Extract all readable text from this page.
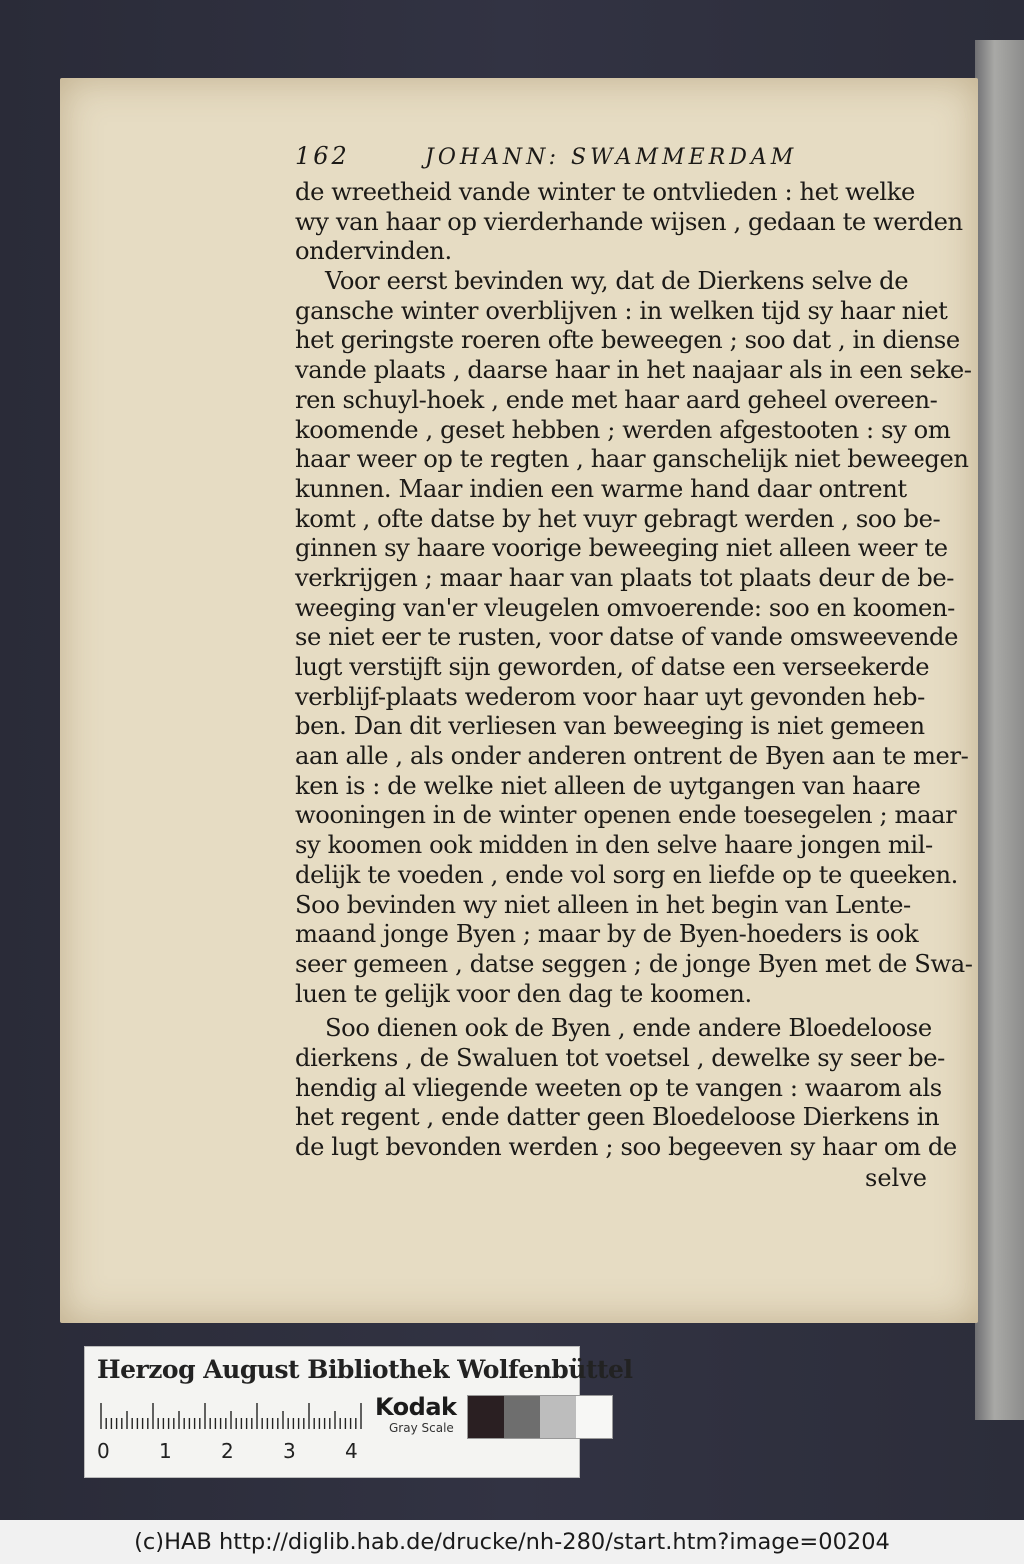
162	JOHANN: SWAMMERDAM
de wreetheid vande winter te ontvlieden : het welke
wy van haar op vierderhande wijsen , gedaan te werden
ondervinden.
Voor eerst bevinden wy, dat de Dierkens selve de
gansche winter overblijven : in welken tijd sy haar niet
het geringste roeren ofte beweegen ; soo dat , in diense
vande plaats , daarse haar in het naajaar als in een seke-
ren schuyl-hoek , ende met haar aard geheel overeen-
koomende , geset hebben ; werden afgestooten : sy om
haar weer op te regten , haar ganschelijk niet beweegen
kunnen. Maar indien een warme hand daar ontrent
komt , ofte datse by het vuyr gebragt werden , soo be-
ginnen sy haare voorige beweeging niet alleen weer te
verkrijgen ; maar haar van plaats tot plaats deur de be-
weeging van'er vleugelen omvoerende: soo en koomen-
se niet eer te rusten, voor datse of vande omsweevende
lugt verstijft sijn geworden, of datse een verseekerde
verblijf-plaats wederom voor haar uyt gevonden heb-
ben. Dan dit verliesen van beweeging is niet gemeen
aan alle , als onder anderen ontrent de Byen aan te mer-
ken is : de welke niet alleen de uytgangen van haare
wooningen in de winter openen ende toesegelen ; maar
sy koomen ook midden in den selve haare jongen mil-
delijk te voeden , ende vol sorg en liefde op te queeken.
Soo bevinden wy niet alleen in het begin van Lente-
maand jonge Byen ; maar by de Byen-hoeders is ook
seer gemeen , datse seggen ; de jonge Byen met de Swa-
luen te gelijk voor den dag te koomen.
Soo dienen ook de Byen , ende andere Bloedeloose
dierkens , de Swaluen tot voetsel , dewelke sy seer be-
hendig al vliegende weeten op te vangen : waarom als
het regent , ende datter geen Bloedeloose Dierkens in
de lugt bevonden werden ; soo begeeven sy haar om de
selve
Herzog August Bibliothek Wolfenbüttel
0 1 2 3 4
Kodak
Gray Scale
(c)HAB http://diglib.hab.de/drucke/nh-280/start.htm?image=00204
